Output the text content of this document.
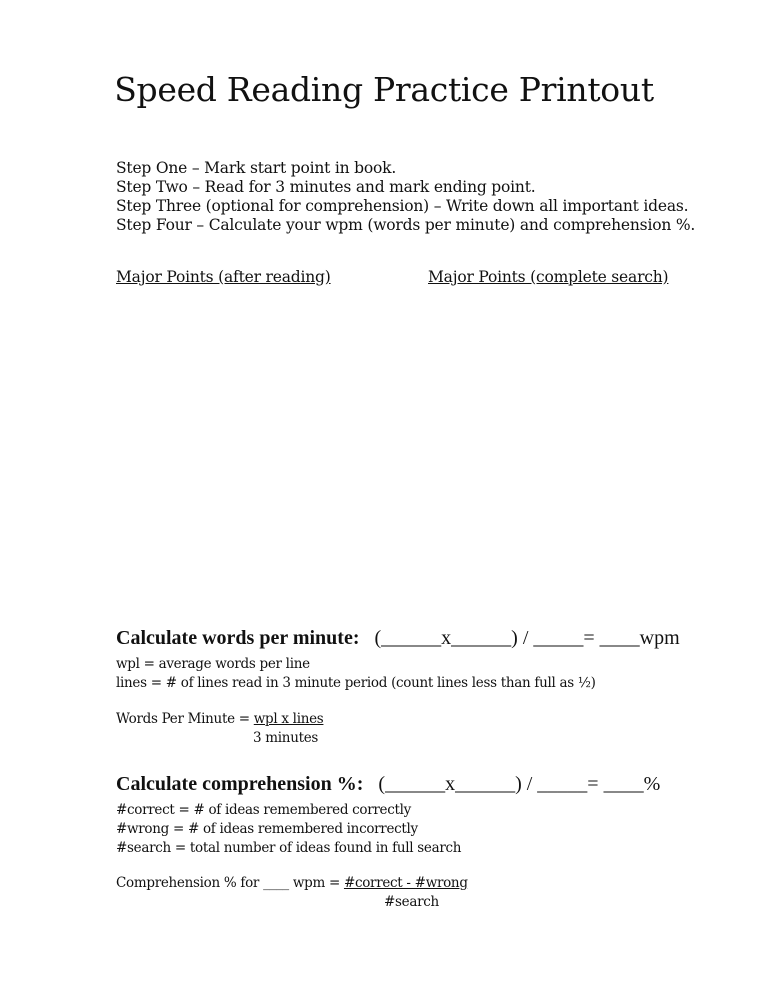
Speed Reading Practice Printout
Step One – Mark start point in book.
Step Two – Read for 3 minutes and mark ending point.
Step Three (optional for comprehension) – Write down all important ideas.
Step Four – Calculate your wpm (words per minute) and comprehension %.
Major Points (after reading)	Major Points (complete search)
Calculate words per minute: (______x______) / _____= ____wpm
wpl = average words per line
lines = # of lines read in 3 minute period (count lines less than full as ½)
Words Per Minute = wpl x lines
3 minutes
Calculate comprehension %: (______x______) / _____= ____%
#correct = # of ideas remembered correctly
#wrong = # of ideas remembered incorrectly
#search = total number of ideas found in full search
Comprehension % for ____ wpm = #correct - #wrong
#search
